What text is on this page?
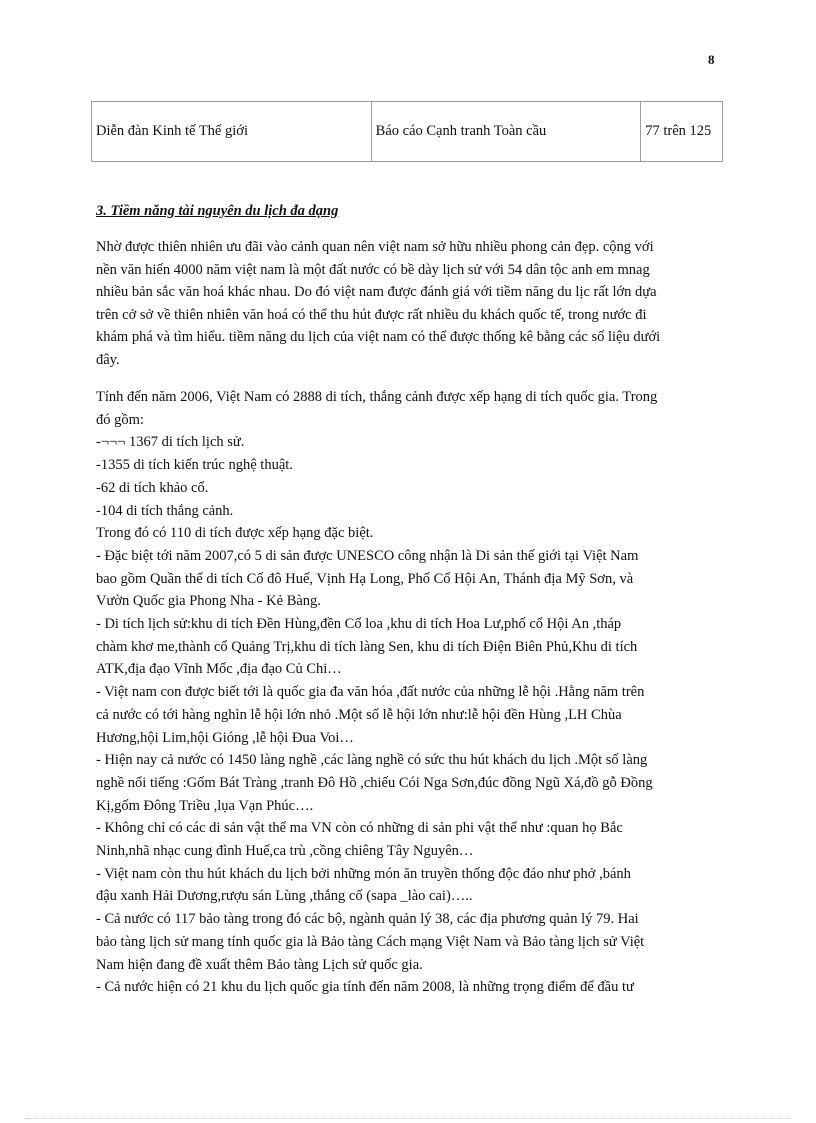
8
Diễn đàn Kinh tế Thế giới	Báo cáo Cạnh tranh Toàn cầu	77 trên 125
3. Tiềm năng tài nguyên du lịch đa dạng
Nhờ được thiên nhiên ưu đãi vào cảnh quan nên việt nam sở hữu nhiều phong cản đẹp. cộng với
nền văn hiến 4000 năm việt nam là một đất nước có bề dày lịch sử với 54 dân tộc anh em mnag
nhiều bản sắc văn hoá khác nhau. Do đó việt nam được đánh giá với tiềm năng du lịc rất lớn dựa
trên cở sở về thiên nhiên văn hoá có thể thu hút được rất nhiều du khách quốc tế, trong nước đi
khám phá và tìm hiểu. tiềm năng du lịch của việt nam có thể được thống kê bằng các số liệu dưới
đây.
Tính đến năm 2006, Việt Nam có 2888 di tích, thắng cảnh được xếp hạng di tích quốc gia. Trong
đó gồm:
-¬¬¬ 1367 di tích lịch sử.
-1355 di tích kiến trúc nghệ thuật.
-62 di tích khảo cổ.
-104 di tích thắng cảnh.
Trong đó có 110 di tích được xếp hạng đặc biệt.
- Đặc biệt tới năm 2007,có 5 di sản được UNESCO công nhận là Di sản thế giới tại Việt Nam
bao gồm Quần thể di tích Cố đô Huế, Vịnh Hạ Long, Phố Cổ Hội An, Thánh địa Mỹ Sơn, và
Vườn Quốc gia Phong Nha - Kẻ Bàng.
- Di tích lịch sử:khu di tích Đền Hùng,đền Cổ loa ,khu di tích Hoa Lư,phố cổ Hội An ,tháp
chàm khơ me,thành cổ Quảng Trị,khu di tích làng Sen, khu di tích Điện Biên Phủ,Khu di tích
ATK,địa đạo Vĩnh Mốc ,địa đạo Củ Chi…
- Việt nam con được biết tới là quốc gia đa văn hóa ,đất nước của những lễ hội .Hằng năm trên
cả nước có tới hàng nghìn lễ hội lớn nhỏ .Một số lễ hội lớn như:lễ hội đền Hùng ,LH Chùa
Hương,hội Lim,hội Gióng ,lễ hội Đua Voi…
- Hiện nay cả nước có 1450 làng nghề ,các làng nghề có sức thu hút khách du lịch .Một số làng
nghề nổi tiếng :Gốm Bát Tràng ,tranh Đô Hồ ,chiếu Cói Nga Sơn,đúc đồng Ngũ Xá,đồ gỗ Đồng
Kị,gốm Đông Triều ,lụa Vạn Phúc….
- Không chỉ có các di sản vật thể ma VN còn có những di sản phi vật thể như :quan họ Bắc
Ninh,nhã nhạc cung đình Huế,ca trù ,cồng chiêng Tây Nguyên…
- Việt nam còn thu hút khách du lịch bởi những món ăn truyền thống độc đáo như phở ,bánh
đậu xanh Hải Dương,rượu sán Lùng ,thắng cố (sapa _lào cai)…..
- Cả nước có 117 bảo tàng trong đó các bộ, ngành quản lý 38, các địa phương quản lý 79. Hai
bảo tàng lịch sử mang tính quốc gia là Bảo tàng Cách mạng Việt Nam và Bảo tàng lịch sử Việt
Nam hiện đang đề xuất thêm Bảo tàng Lịch sử quốc gia.
- Cả nước hiện có 21 khu du lịch quốc gia tính đến năm 2008, là những trọng điểm để đầu tư
